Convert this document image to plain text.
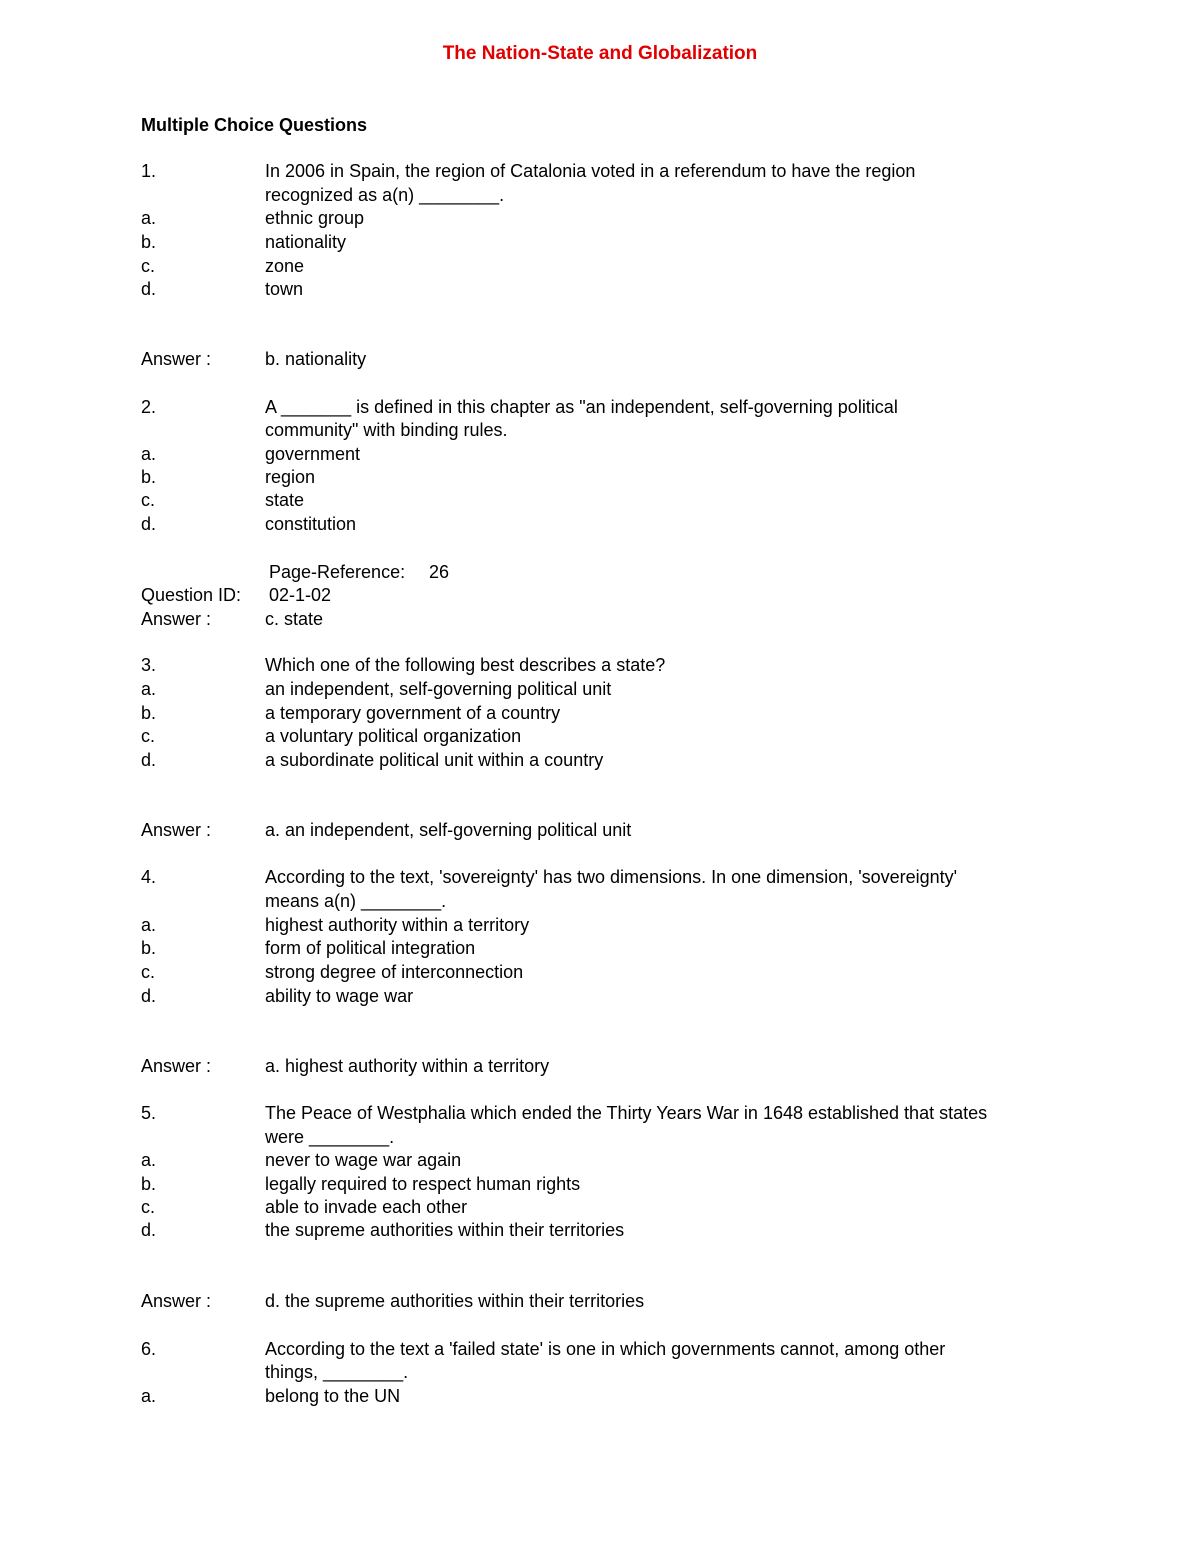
The Nation-State and Globalization
Multiple Choice Questions
1.	In 2006 in Spain, the region of Catalonia voted in a referendum to have the region
recognized as a(n) ________.
a.	ethnic group
b.	nationality
c.	zone
d.	town
Answer :	b. nationality
2.	A _______ is defined in this chapter as "an independent, self-governing political
community" with binding rules.
a.	government
b.	region
c.	state
d.	constitution
Page-Reference: 26
Question ID: 02-1-02
Answer :	c. state
3.	Which one of the following best describes a state?
a.	an independent, self-governing political unit
b.	a temporary government of a country
c.	a voluntary political organization
d.	a subordinate political unit within a country
Answer :	a. an independent, self-governing political unit
4.	According to the text, 'sovereignty' has two dimensions. In one dimension, 'sovereignty'
means a(n) ________.
a.	highest authority within a territory
b.	form of political integration
c.	strong degree of interconnection
d.	ability to wage war
Answer :	a. highest authority within a territory
5.	The Peace of Westphalia which ended the Thirty Years War in 1648 established that states
were ________.
a.	never to wage war again
b.	legally required to respect human rights
c.	able to invade each other
d.	the supreme authorities within their territories
Answer :	d. the supreme authorities within their territories
6.	According to the text a 'failed state' is one in which governments cannot, among other
things, ________.
a.	belong to the UN
